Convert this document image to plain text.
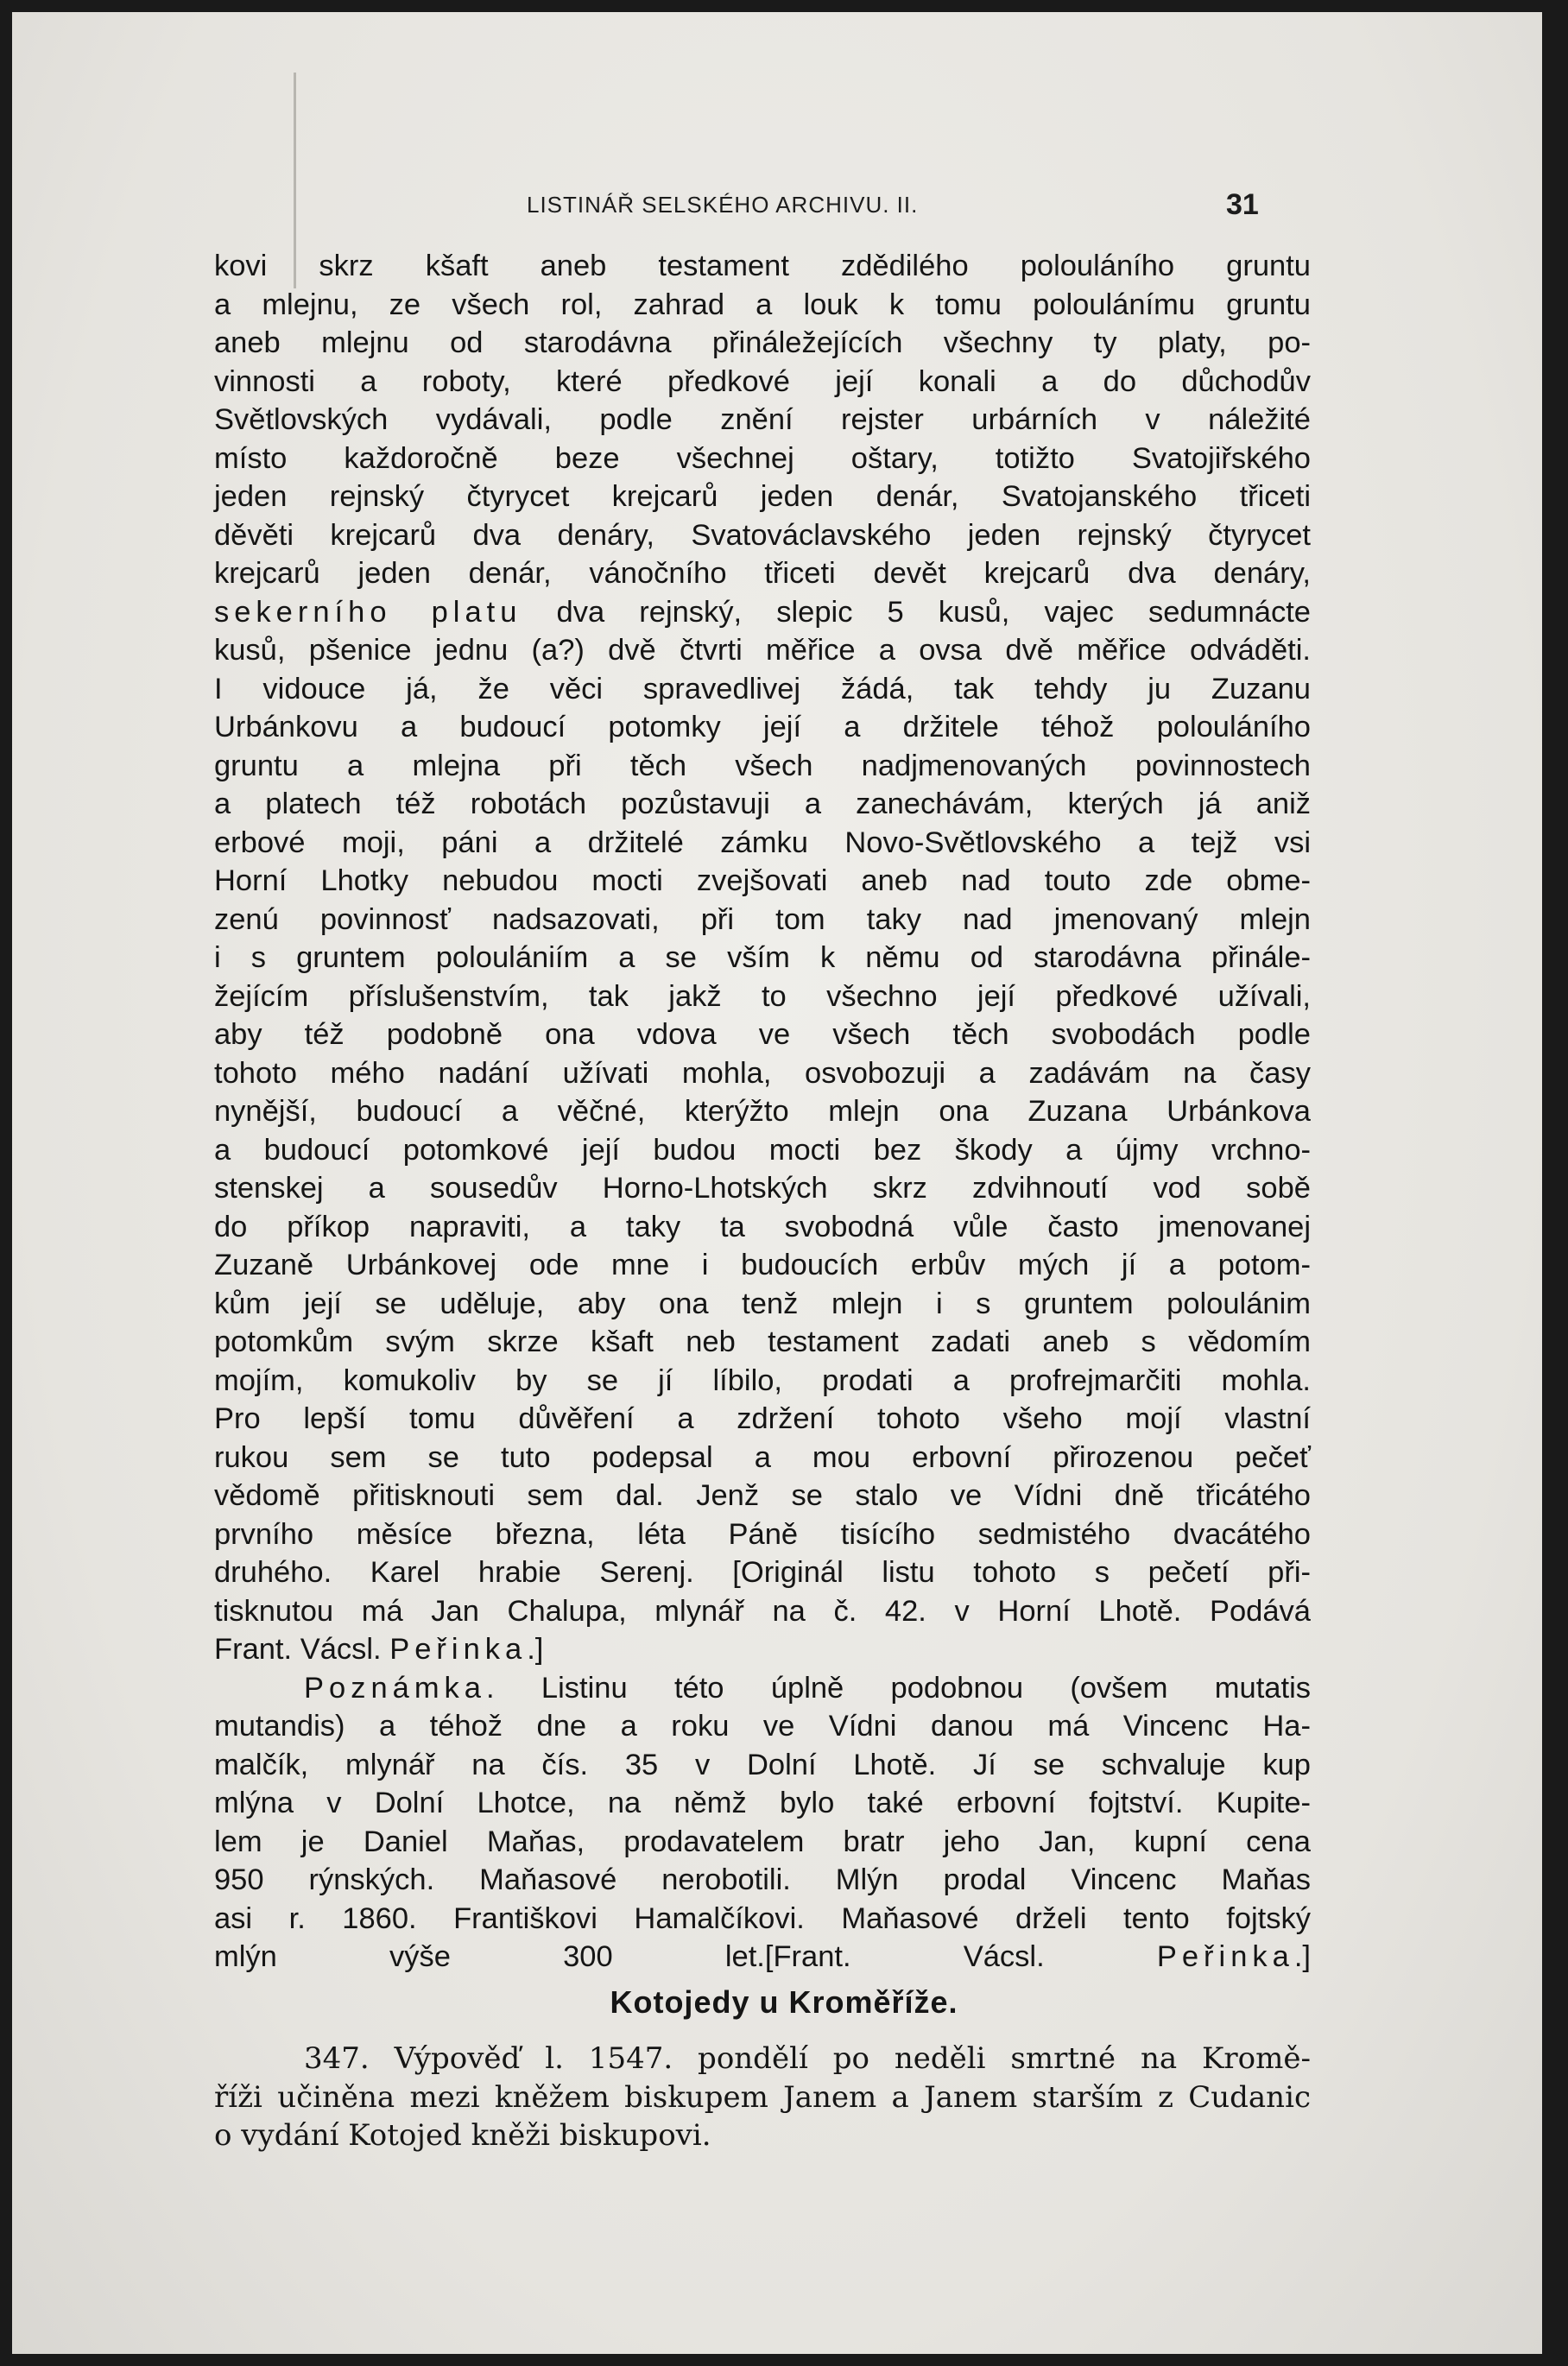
LISTINÁŘ SELSKÉHO ARCHIVU. II.	31
kovi skrz kšaft aneb testament zdědilého polouláního gruntu
a mlejnu, ze všech rol, zahrad a louk k tomu poloulánímu gruntu
aneb mlejnu od starodávna přináležejících všechny ty platy, po-
vinnosti a roboty, které předkové její konali a do důchodův
Světlovských vydávali, podle znění rejster urbárních v náležité
místo každoročně beze všechnej oštary, totižto Svatojiřského
jeden rejnský čtyrycet krejcarů jeden denár, Svatojanského třiceti
děvěti krejcarů dva denáry, Svatováclavského jeden rejnský čtyrycet
krejcarů jeden denár, vánočního třiceti devět krejcarů dva denáry,
sekerního platu dva rejnský, slepic 5 kusů, vajec sedumnácte
kusů, pšenice jednu (a?) dvě čtvrti měřice a ovsa dvě měřice odváděti.
I vidouce já, že věci spravedlivej žádá, tak tehdy ju Zuzanu
Urbánkovu a budoucí potomky její a držitele téhož polouláního
gruntu a mlejna při těch všech nadjmenovaných povinnostech
a platech též robotách pozůstavuji a zanechávám, kterých já aniž
erbové moji, páni a držitelé zámku Novo-Světlovského a tejž vsi
Horní Lhotky nebudou mocti zvejšovati aneb nad touto zde obme-
zenú povinnosť nadsazovati, při tom taky nad jmenovaný mlejn
i s gruntem poloulániím a se vším k němu od starodávna přinále-
žejícím příslušenstvím, tak jakž to všechno její předkové užívali,
aby též podobně ona vdova ve všech těch svobodách podle
tohoto mého nadání užívati mohla, osvobozuji a zadávám na časy
nynější, budoucí a věčné, kterýžto mlejn ona Zuzana Urbánkova
a budoucí potomkové její budou mocti bez škody a újmy vrchno-
stenskej a sousedův Horno-Lhotských skrz zdvihnoutí vod sobě
do příkop napraviti, a taky ta svobodná vůle často jmenovanej
Zuzaně Urbánkovej ode mne i budoucích erbův mých jí a potom-
kům její se uděluje, aby ona tenž mlejn i s gruntem poloulánim
potomkům svým skrze kšaft neb testament zadati aneb s vědomím
mojím, komukoliv by se jí líbilo, prodati a profrejmarčiti mohla.
Pro lepší tomu důvěření a zdržení tohoto všeho mojí vlastní
rukou sem se tuto podepsal a mou erbovní přirozenou pečeť
vědomě přitisknouti sem dal. Jenž se stalo ve Vídni dně třicátého
prvního měsíce března, léta Páně tisícího sedmistého dvacátého
druhého. Karel hrabie Serenj. [Originál listu tohoto s pečetí při-
tisknutou má Jan Chalupa, mlynář na č. 42. v Horní Lhotě. Podává
Frant. Vácsl. Peřinka.]
Poznámka. Listinu této úplně podobnou (ovšem mutatis
mutandis) a téhož dne a roku ve Vídni danou má Vincenc Ha-
malčík, mlynář na čís. 35 v Dolní Lhotě. Jí se schvaluje kup
mlýna v Dolní Lhotce, na němž bylo také erbovní fojtství. Kupite-
lem je Daniel Maňas, prodavatelem bratr jeho Jan, kupní cena
950 rýnských. Maňasové nerobotili. Mlýn prodal Vincenc Maňas
asi r. 1860. Františkovi Hamalčíkovi. Maňasové drželi tento fojtský
mlýn výše 300 let.[Frant. Vácsl. Peřinka.]
Kotojedy u Kroměříže.
347. Výpověď l. 1547. pondělí po neděli smrtné na Kromě-
říži učiněna mezi kněžem biskupem Janem a Janem starším z Cudanic
o vydání Kotojed kněži biskupovi.
